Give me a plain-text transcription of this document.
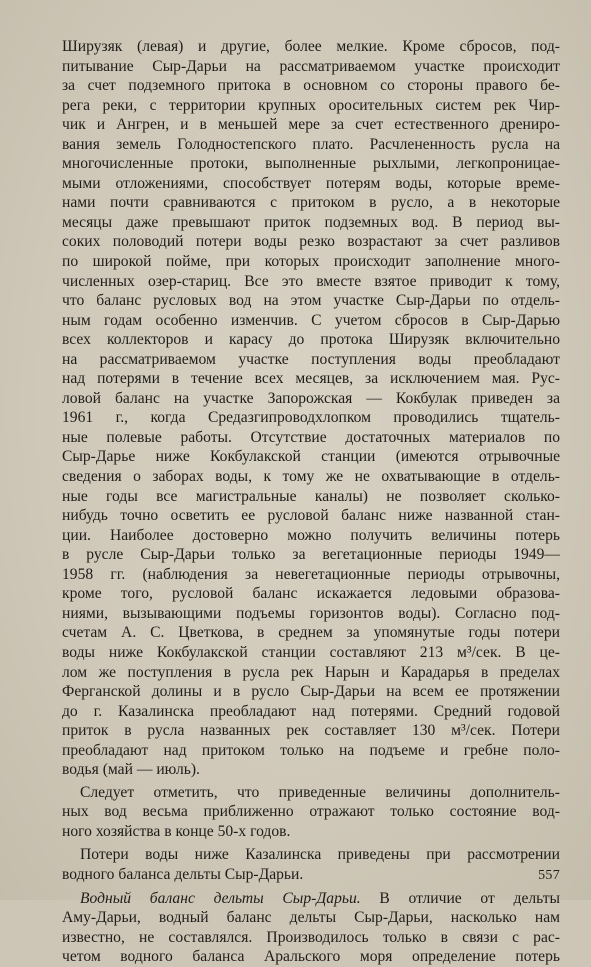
Ширузяк (левая) и другие, более мелкие. Кроме сбросов, под-
питывание Сыр-Дарьи на рассматриваемом участке происходит
за счет подземного притока в основном со стороны правого бе-
рега реки, с территории крупных оросительных систем рек Чир-
чик и Ангрен, и в меньшей мере за счет естественного дрениро-
вания земель Голодностепского плато. Расчлененность русла на
многочисленные протоки, выполненные рыхлыми, легкопроницае-
мыми отложениями, способствует потерям воды, которые време-
нами почти сравниваются с притоком в русло, а в некоторые
месяцы даже превышают приток подземных вод. В период вы-
соких половодий потери воды резко возрастают за счет разливов
по широкой пойме, при которых происходит заполнение много-
численных озер-стариц. Все это вместе взятое приводит к тому,
что баланс русловых вод на этом участке Сыр-Дарьи по отдель-
ным годам особенно изменчив. С учетом сбросов в Сыр-Дарью
всех коллекторов и карасу до протока Ширузяк включительно
на рассматриваемом участке поступления воды преобладают
над потерями в течение всех месяцев, за исключением мая. Рус-
ловой баланс на участке Запорожская — Кокбулак приведен за
1961 г., когда Средазгипроводхлопком проводились тщатель-
ные полевые работы. Отсутствие достаточных материалов по
Сыр-Дарье ниже Кокбулакской станции (имеются отрывочные
сведения о заборах воды, к тому же не охватывающие в отдель-
ные годы все магистральные каналы) не позволяет сколько-
нибудь точно осветить ее русловой баланс ниже названной стан-
ции. Наиболее достоверно можно получить величины потерь
в русле Сыр-Дарьи только за вегетационные периоды 1949—
1958 гг. (наблюдения за невегетационные периоды отрывочны,
кроме того, русловой баланс искажается ледовыми образова-
ниями, вызывающими подъемы горизонтов воды). Согласно под-
счетам А. С. Цветкова, в среднем за упомянутые годы потери
воды ниже Кокбулакской станции составляют 213 м³/сек. В це-
лом же поступления в русла рек Нарын и Карадарья в пределах
Ферганской долины и в русло Сыр-Дарьи на всем ее протяжении
до г. Казалинска преобладают над потерями. Средний годовой
приток в русла названных рек составляет 130 м³/сек. Потери
преобладают над притоком только на подъеме и гребне поло-
водья (май — июль).
Следует отметить, что приведенные величины дополнитель-
ных вод весьма приближенно отражают только состояние вод-
ного хозяйства в конце 50-х годов.
Потери воды ниже Казалинска приведены при рассмотрении
водного баланса дельты Сыр-Дарьи.
Водный баланс дельты Сыр-Дарьи. В отличие от дельты
Аму-Дарьи, водный баланс дельты Сыр-Дарьи, насколько нам
известно, не составлялся. Производилось только в связи с рас-
четом водного баланса Аральского моря определение потерь
557
